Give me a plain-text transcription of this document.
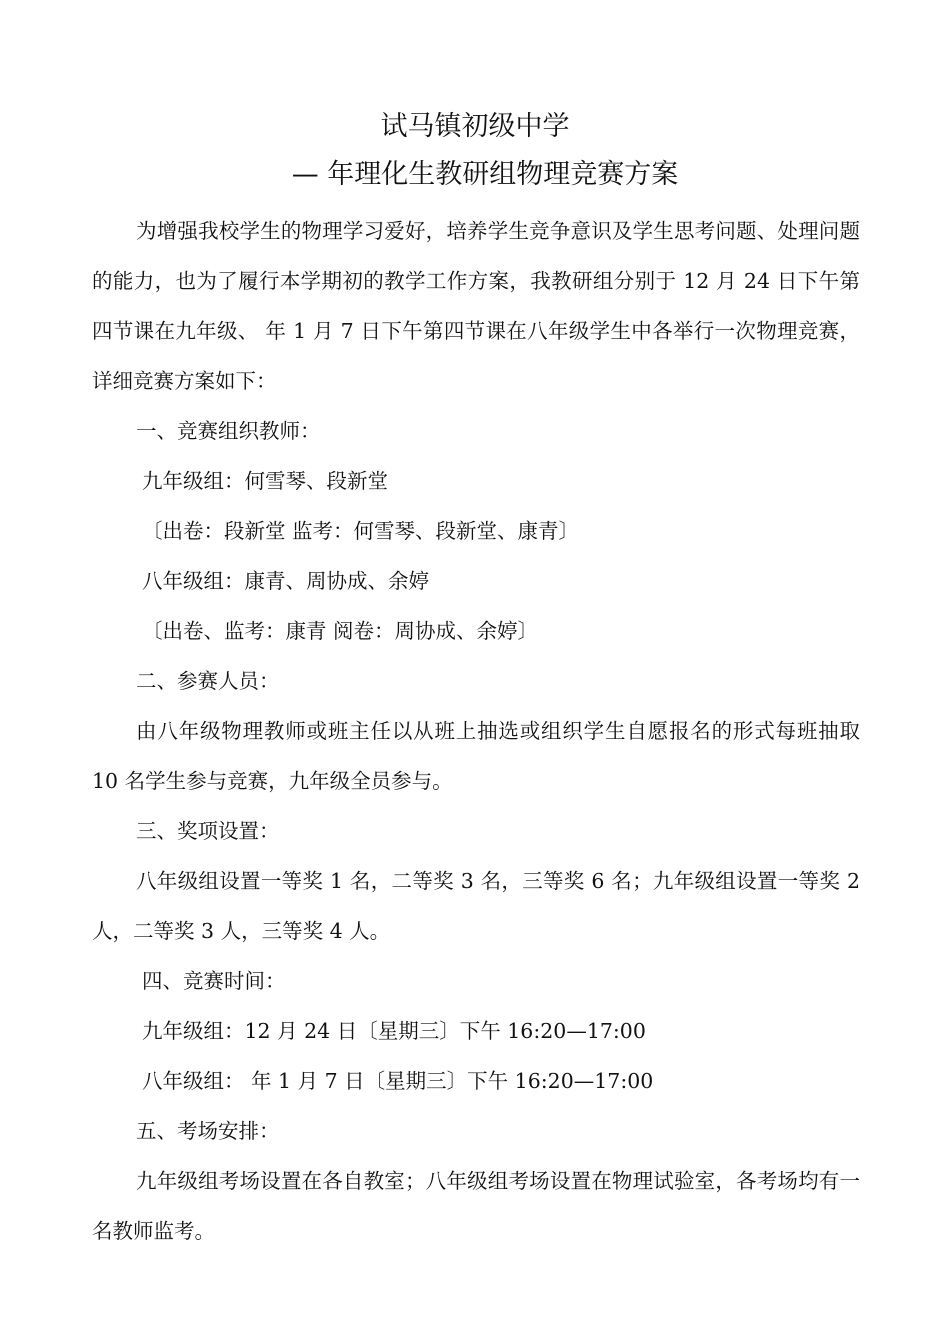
试马镇初级中学
— 年理化生教研组物理竞赛方案

为增强我校学生的物理学习爱好，培养学生竞争意识及学生思考问题、处理问题的能力，也为了履行本学期初的教学工作方案，我教研组分别于 12 月 24 日下午第四节课在九年级、 年 1 月 7 日下午第四节课在八年级学生中各举行一次物理竞赛，详细竞赛方案如下：

一、竞赛组织教师：

九年级组：何雪琴、段新堂

〔出卷：段新堂 监考：何雪琴、段新堂、康青〕

八年级组：康青、周协成、余婷

〔出卷、监考：康青 阅卷：周协成、余婷〕

二、参赛人员：

由八年级物理教师或班主任以从班上抽选或组织学生自愿报名的形式每班抽取 10 名学生参与竞赛，九年级全员参与。

三、奖项设置：

八年级组设置一等奖 1 名，二等奖 3 名，三等奖 6 名；九年级组设置一等奖 2 人，二等奖 3 人，三等奖 4 人。

四、竞赛时间：

九年级组：12 月 24 日〔星期三〕下午 16:20—17:00

八年级组： 年 1 月 7 日〔星期三〕下午 16:20—17:00

五、考场安排：

九年级组考场设置在各自教室；八年级组考场设置在物理试验室，各考场均有一名教师监考。
